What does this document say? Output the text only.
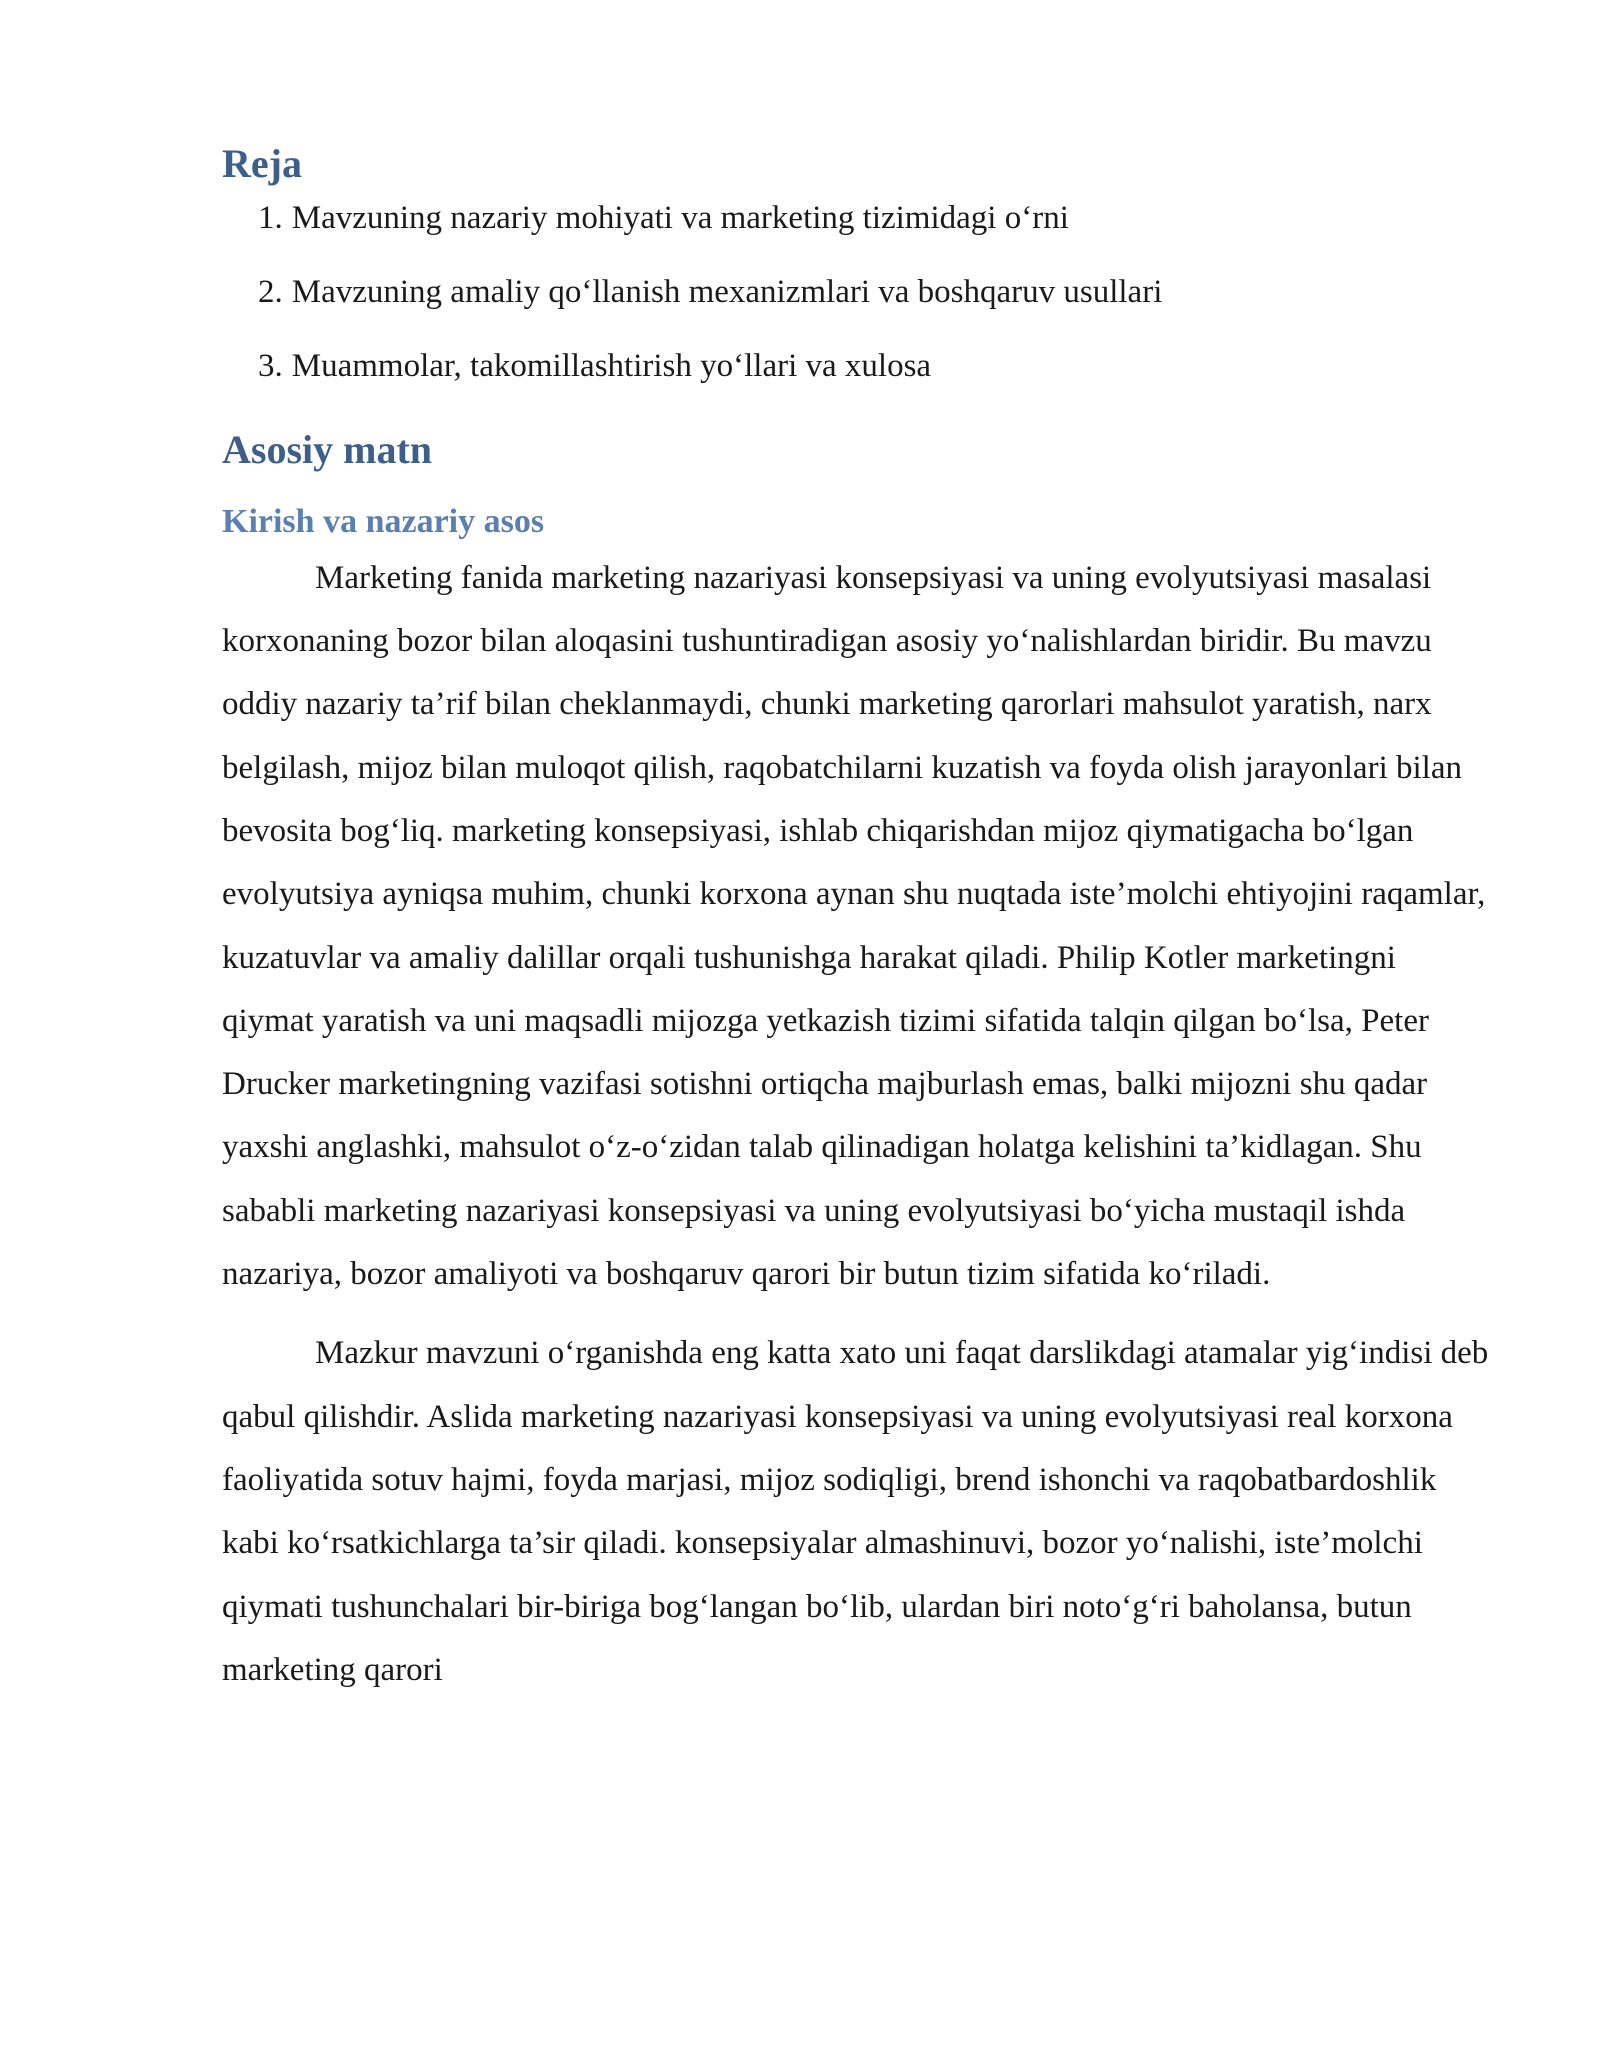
Reja
1. Mavzuning nazariy mohiyati va marketing tizimidagi o‘rni
2. Mavzuning amaliy qo‘llanish mexanizmlari va boshqaruv usullari
3. Muammolar, takomillashtirish yo‘llari va xulosa
Asosiy matn
Kirish va nazariy asos

Marketing fanida marketing nazariyasi konsepsiyasi va uning evolyutsiyasi masalasi korxonaning bozor bilan aloqasini tushuntiradigan asosiy yo‘nalishlardan biridir. Bu mavzu oddiy nazariy ta’rif bilan cheklanmaydi, chunki marketing qarorlari mahsulot yaratish, narx belgilash, mijoz bilan muloqot qilish, raqobatchilarni kuzatish va foyda olish jarayonlari bilan bevosita bog‘liq. marketing konsepsiyasi, ishlab chiqarishdan mijoz qiymatigacha bo‘lgan evolyutsiya ayniqsa muhim, chunki korxona aynan shu nuqtada iste’molchi ehtiyojini raqamlar, kuzatuvlar va amaliy dalillar orqali tushunishga harakat qiladi. Philip Kotler marketingni qiymat yaratish va uni maqsadli mijozga yetkazish tizimi sifatida talqin qilgan bo‘lsa, Peter Drucker marketingning vazifasi sotishni ortiqcha majburlash emas, balki mijozni shu qadar yaxshi anglashki, mahsulot o‘z-o‘zidan talab qilinadigan holatga kelishini ta’kidlagan. Shu sababli marketing nazariyasi konsepsiyasi va uning evolyutsiyasi bo‘yicha mustaqil ishda nazariya, bozor amaliyoti va boshqaruv qarori bir butun tizim sifatida ko‘riladi.

Mazkur mavzuni o‘rganishda eng katta xato uni faqat darslikdagi atamalar yig‘indisi deb qabul qilishdir. Aslida marketing nazariyasi konsepsiyasi va uning evolyutsiyasi real korxona faoliyatida sotuv hajmi, foyda marjasi, mijoz sodiqligi, brend ishonchi va raqobatbardoshlik kabi ko‘rsatkichlarga ta’sir qiladi. konsepsiyalar almashinuvi, bozor yo‘nalishi, iste’molchi qiymati tushunchalari bir-biriga bog‘langan bo‘lib, ulardan biri noto‘g‘ri baholansa, butun marketing qarori
